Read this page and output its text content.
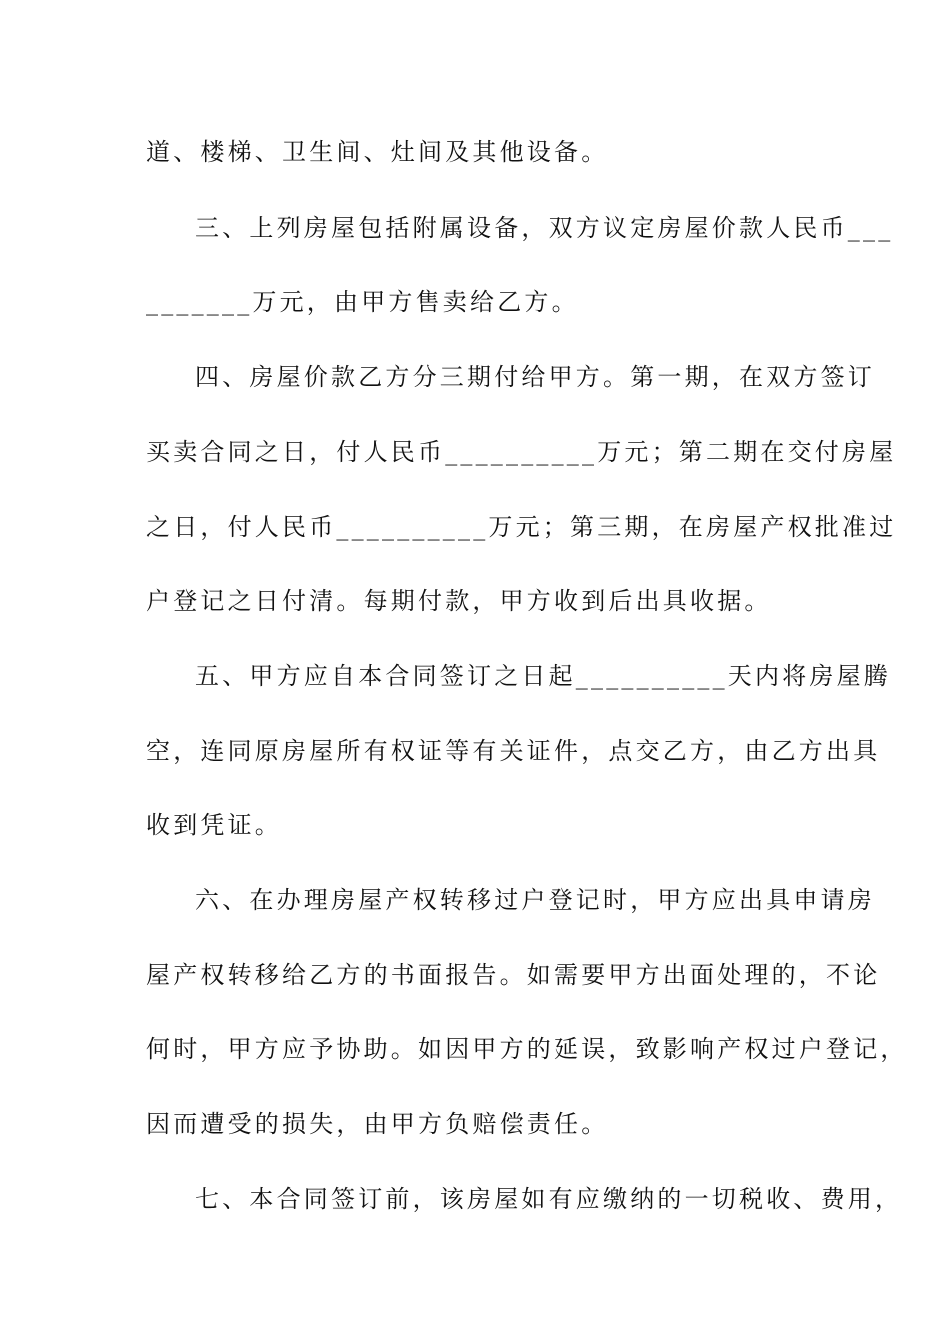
道、楼梯、卫生间、灶间及其他设备。
三、上列房屋包括附属设备，双方议定房屋价款人民币___
_______万元，由甲方售卖给乙方。
四、房屋价款乙方分三期付给甲方。第一期，在双方签订
买卖合同之日，付人民币__________万元；第二期在交付房屋
之日，付人民币__________万元；第三期，在房屋产权批准过
户登记之日付清。每期付款，甲方收到后出具收据。
五、甲方应自本合同签订之日起__________天内将房屋腾
空，连同原房屋所有权证等有关证件，点交乙方，由乙方出具
收到凭证。
六、在办理房屋产权转移过户登记时，甲方应出具申请房
屋产权转移给乙方的书面报告。如需要甲方出面处理的，不论
何时，甲方应予协助。如因甲方的延误，致影响产权过户登记，
因而遭受的损失，由甲方负赔偿责任。
七、本合同签订前，该房屋如有应缴纳的一切税收、费用，
